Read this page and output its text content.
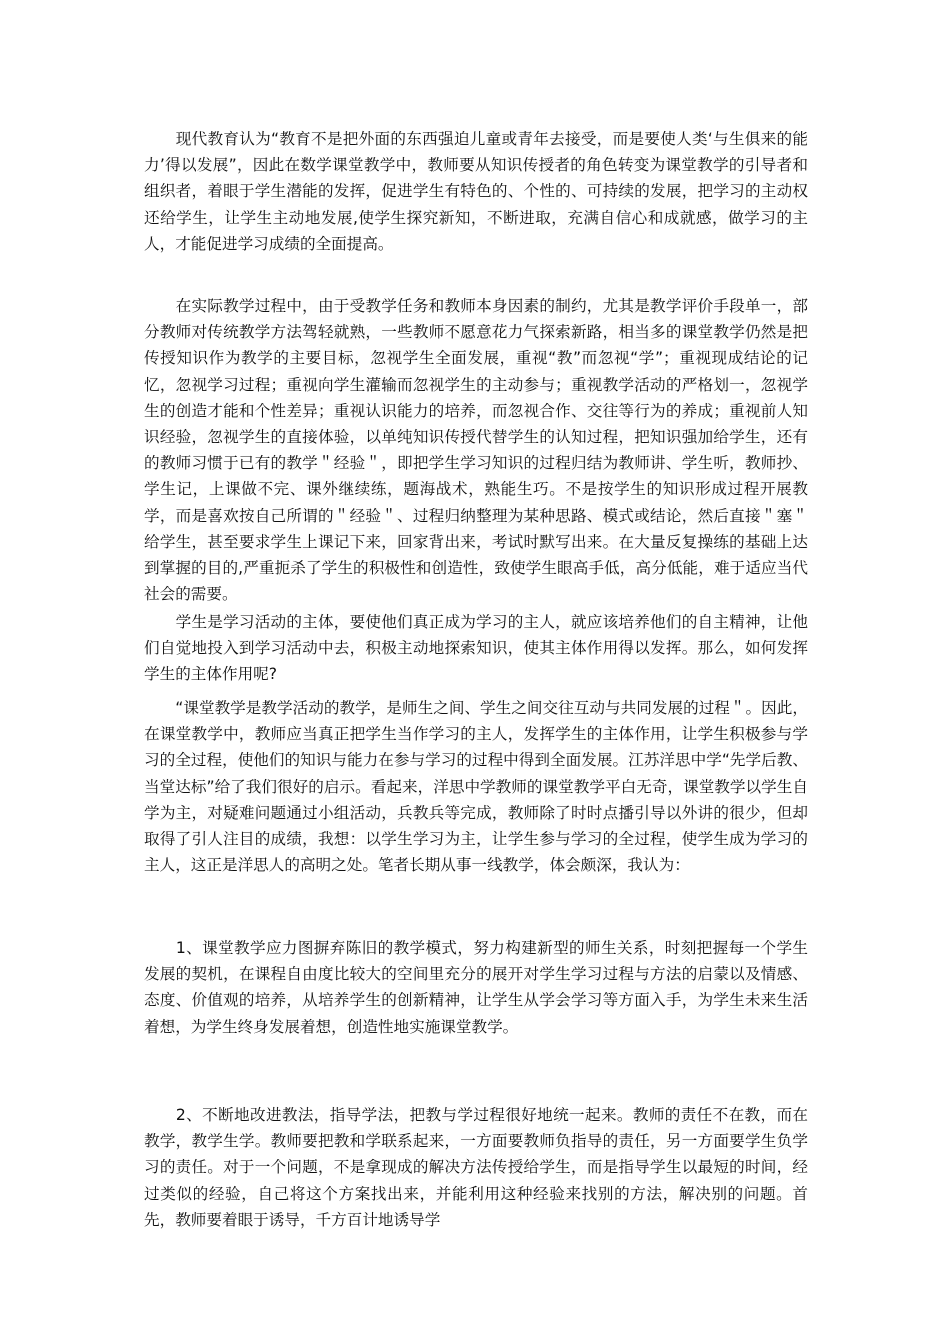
　　现代教育认为“教育不是把外面的东西强迫儿童或青年去接受，而是要使人类‘与生俱来的能力’得以发展”，因此在数学课堂教学中，教师要从知识传授者的角色转变为课堂教学的引导者和组织者，着眼于学生潜能的发挥，促进学生有特色的、个性的、可持续的发展，把学习的主动权还给学生，让学生主动地发展,使学生探究新知，不断进取，充满自信心和成就感，做学习的主人，才能促进学习成绩的全面提高。

　　在实际教学过程中，由于受教学任务和教师本身因素的制约，尤其是教学评价手段单一，部分教师对传统教学方法驾轻就熟，一些教师不愿意花力气探索新路，相当多的课堂教学仍然是把传授知识作为教学的主要目标，忽视学生全面发展，重视“教”而忽视“学”；重视现成结论的记忆，忽视学习过程；重视向学生灌输而忽视学生的主动参与；重视教学活动的严格划一，忽视学生的创造才能和个性差异；重视认识能力的培养，而忽视合作、交往等行为的养成；重视前人知识经验，忽视学生的直接体验，以单纯知识传授代替学生的认知过程，把知识强加给学生，还有的教师习惯于已有的教学＂经验＂，即把学生学习知识的过程归结为教师讲、学生听，教师抄、学生记，上课做不完、课外继续练，题海战术，熟能生巧。不是按学生的知识形成过程开展教学，而是喜欢按自己所谓的＂经验＂、过程归纳整理为某种思路、模式或结论，然后直接＂塞＂给学生，甚至要求学生上课记下来，回家背出来，考试时默写出来。在大量反复操练的基础上达到掌握的目的,严重扼杀了学生的积极性和创造性，致使学生眼高手低，高分低能，难于适应当代社会的需要。

　　学生是学习活动的主体，要使他们真正成为学习的主人，就应该培养他们的自主精神，让他们自觉地投入到学习活动中去，积极主动地探索知识，使其主体作用得以发挥。那么，如何发挥学生的主体作用呢?

　　“课堂教学是教学活动的教学，是师生之间、学生之间交往互动与共同发展的过程＂。因此，在课堂教学中，教师应当真正把学生当作学习的主人，发挥学生的主体作用，让学生积极参与学习的全过程，使他们的知识与能力在参与学习的过程中得到全面发展。江苏洋思中学“先学后教、当堂达标”给了我们很好的启示。看起来，洋思中学教师的课堂教学平白无奇，课堂教学以学生自学为主，对疑难问题通过小组活动，兵教兵等完成，教师除了时时点播引导以外讲的很少，但却取得了引人注目的成绩，我想：以学生学习为主，让学生参与学习的全过程，使学生成为学习的主人，这正是洋思人的高明之处。笔者长期从事一线教学，体会颇深，我认为：

　　1、课堂教学应力图摒弃陈旧的教学模式，努力构建新型的师生关系，时刻把握每一个学生发展的契机，在课程自由度比较大的空间里充分的展开对学生学习过程与方法的启蒙以及情感、态度、价值观的培养，从培养学生的创新精神，让学生从学会学习等方面入手，为学生未来生活着想，为学生终身发展着想，创造性地实施课堂教学。

　　2、不断地改进教法，指导学法，把教与学过程很好地统一起来。教师的责任不在教，而在教学，教学生学。教师要把教和学联系起来，一方面要教师负指导的责任，另一方面要学生负学习的责任。对于一个问题，不是拿现成的解决方法传授给学生，而是指导学生以最短的时间，经过类似的经验，自己将这个方案找出来，并能利用这种经验来找别的方法，解决别的问题。首先，教师要着眼于诱导，千方百计地诱导学
